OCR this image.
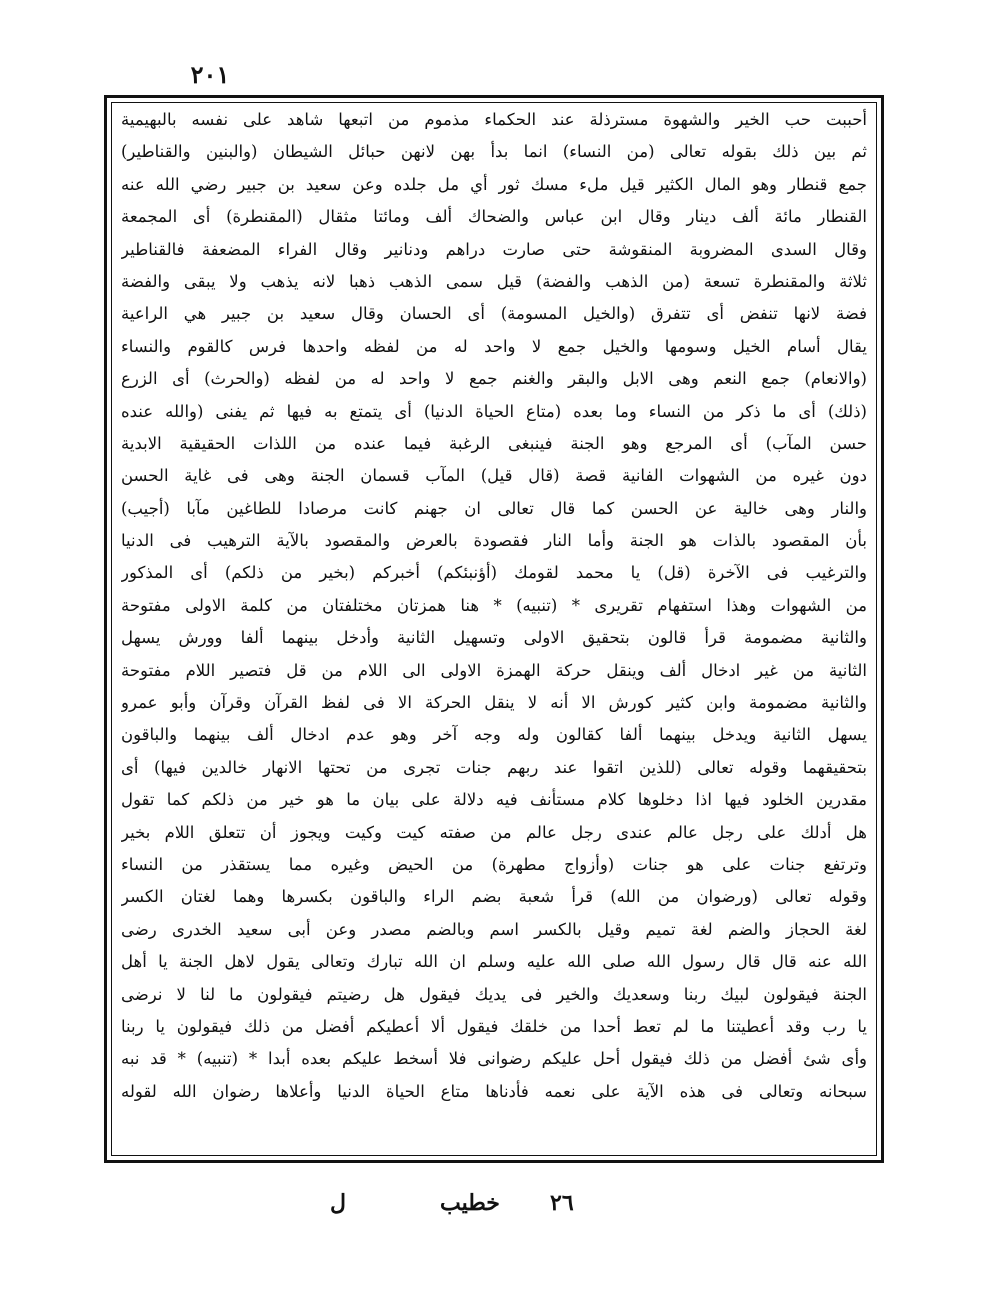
٢٠١
أحببت حب الخير والشهوة مسترذلة عند الحكماء مذموم من اتبعها شاهد على نفسه بالبهيمية
ثم بين ذلك بقوله تعالى (من النساء) انما بدأ بهن لانهن حبائل الشيطان (والبنين والقناطير)
جمع قنطار وهو المال الكثير قيل ملء مسك ثور أي مل جلده وعن سعيد بن جبير رضي الله عنه
القنطار مائة ألف دينار وقال ابن عباس والضحاك ألف ومائتا مثقال (المقنطرة) أى المجمعة
وقال السدى المضروبة المنقوشة حتى صارت دراهم ودنانير وقال الفراء المضعفة فالقناطير
ثلاثة والمقنطرة تسعة (من الذهب والفضة) قيل سمى الذهب ذهبا لانه يذهب ولا يبقى والفضة
فضة لانها تنفض أى تتفرق (والخيل المسومة) أى الحسان وقال سعيد بن جبير هي الراعية
يقال أسام الخيل وسومها والخيل جمع لا واحد له من لفظه واحدها فرس كالقوم والنساء
(والانعام) جمع النعم وهى الابل والبقر والغنم جمع لا واحد له من لفظه (والحرث) أى الزرع
(ذلك) أى ما ذكر من النساء وما بعده (متاع الحياة الدنيا) أى يتمتع به فيها ثم يفنى (والله عنده
حسن المآب) أى المرجع وهو الجنة فينبغى الرغبة فيما عنده من اللذات الحقيقية الابدية
دون غيره من الشهوات الفانية قصة (قال قيل) المآب قسمان الجنة وهى فى غاية الحسن
والنار وهى خالية عن الحسن كما قال تعالى ان جهنم كانت مرصادا للطاغين مآبا (أجيب)
بأن المقصود بالذات هو الجنة وأما النار فقصودة بالعرض والمقصود بالآية الترهيب فى الدنيا
والترغيب فى الآخرة (قل) يا محمد لقومك (أؤنبئكم) أخبركم (بخير من ذلكم) أى المذكور
من الشهوات وهذا استفهام تقريرى * (تنبيه) * هنا همزتان مختلفتان من كلمة الاولى مفتوحة
والثانية مضمومة قرأ قالون بتحقيق الاولى وتسهيل الثانية وأدخل بينهما ألفا وورش يسهل
الثانية من غير ادخال ألف وينقل حركة الهمزة الاولى الى اللام من قل فتصير اللام مفتوحة
والثانية مضمومة وابن كثير كورش الا أنه لا ينقل الحركة الا فى لفظ القرآن وقرآن وأبو عمرو
يسهل الثانية ويدخل بينهما ألفا كقالون وله وجه آخر وهو عدم ادخال ألف بينهما والباقون
بتحقيقهما وقوله تعالى (للذين اتقوا عند ربهم جنات تجرى من تحتها الانهار خالدين فيها) أى
مقدرين الخلود فيها اذا دخلوها كلام مستأنف فيه دلالة على بيان ما هو خير من ذلكم كما تقول
هل أدلك على رجل عالم عندى رجل عالم من صفته كيت وكيت ويجوز أن تتعلق اللام بخير
وترتفع جنات على هو جنات (وأزواج مطهرة) من الحيض وغيره مما يستقذر من النساء
وقوله تعالى (ورضوان من الله) قرأ شعبة بضم الراء والباقون بكسرها وهما لغتان الكسر
لغة الحجاز والضم لغة تميم وقيل بالكسر اسم وبالضم مصدر وعن أبى سعيد الخدرى رضى
الله عنه قال قال رسول الله صلى الله عليه وسلم ان الله تبارك وتعالى يقول لاهل الجنة يا أهل
الجنة فيقولون لبيك ربنا وسعديك والخير فى يديك فيقول هل رضيتم فيقولون ما لنا لا نرضى
يا رب وقد أعطيتنا ما لم تعط أحدا من خلقك فيقول ألا أعطيكم أفضل من ذلك فيقولون يا ربنا
وأى شئ أفضل من ذلك فيقول أحل عليكم رضوانى فلا أسخط عليكم بعده أبدا * (تنبيه) * قد نبه
سبحانه وتعالى فى هذه الآية على نعمه فأدناها متاع الحياة الدنيا وأعلاها رضوان الله لقوله
ل	خطيب ٢٦
